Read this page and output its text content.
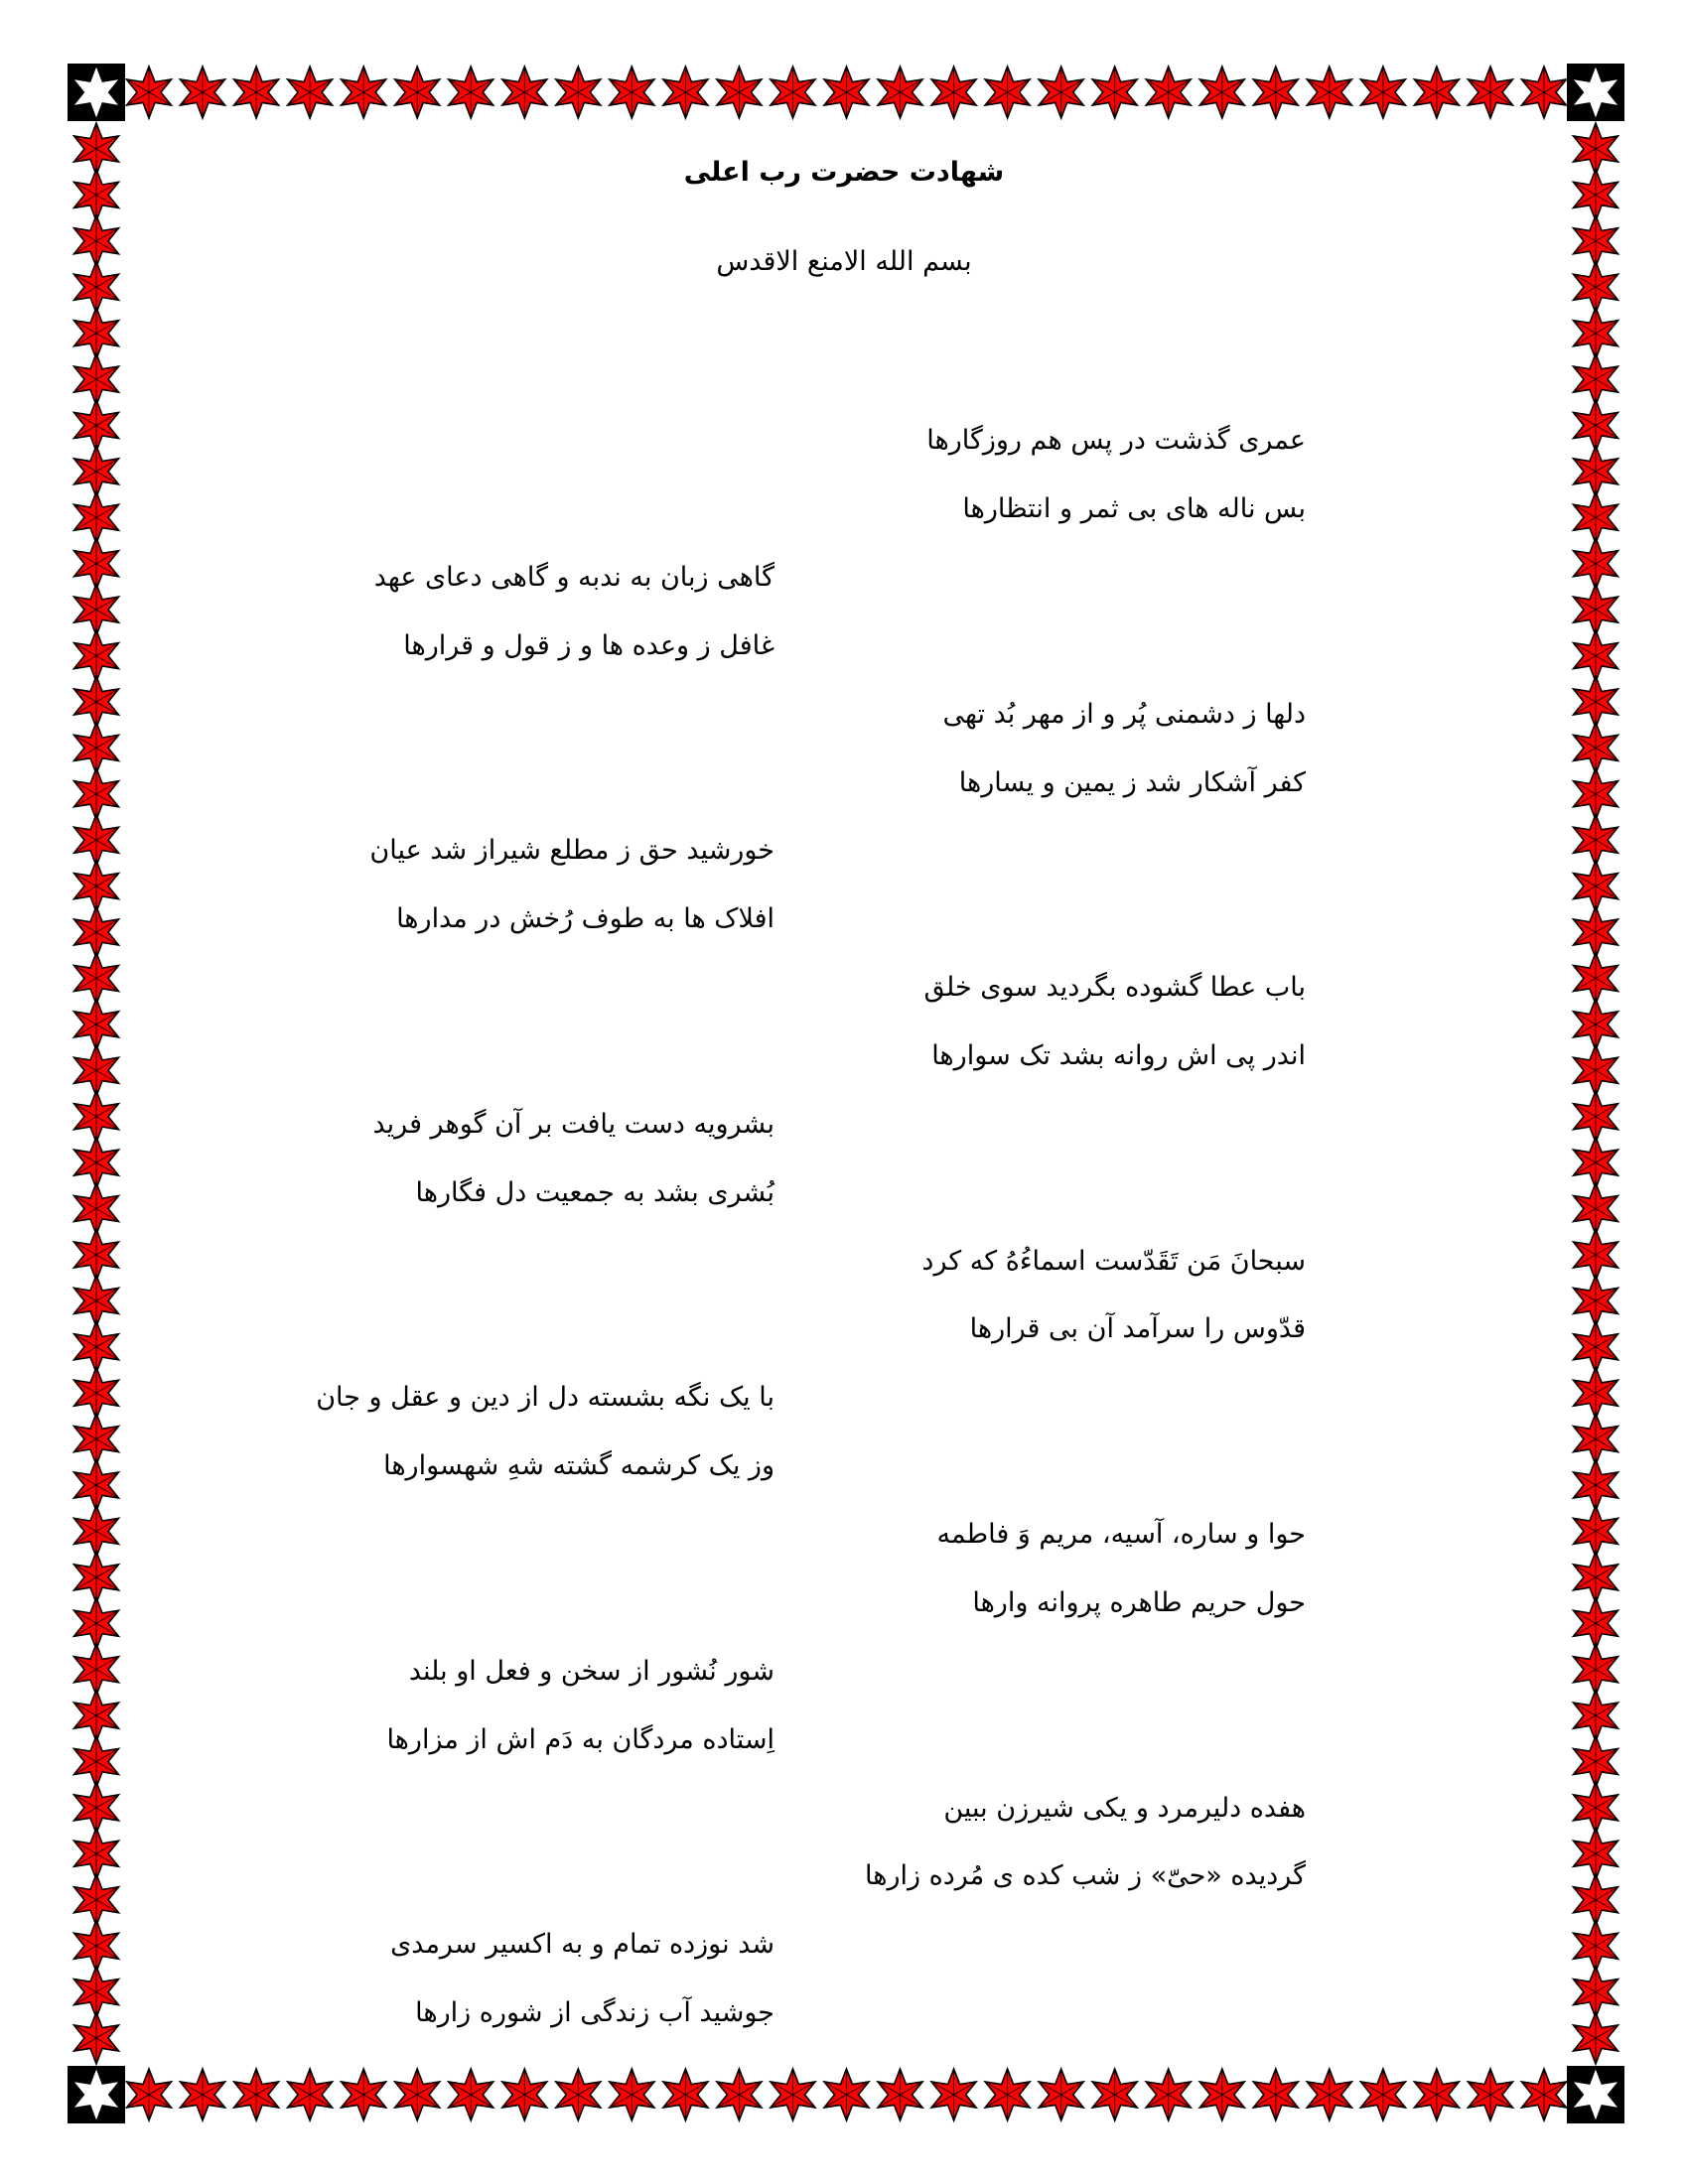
شهادت حضرت رب اعلی
بسم الله الامنع الاقدس
عمری گذشت در پس هم روزگارها
بس ناله های بی ثمر و انتظارها
گاهی زبان به ندبه و گاهی دعای عهد
غافل ز وعده ها و ز قول و قرارها
دلها ز دشمنی پُر و از مهر بُد تهی
کفر آشکار شد ز یمین و یسارها
خورشید حق ز مطلع شیراز شد عیان
افلاک ها به طوف رُخش در مدارها
باب عطا گشوده بگردید سوی خلق
اندر پی اش روانه بشد تک سوارها
بشرویه دست یافت بر آن گوهر فرید
بُشری بشد به جمعیت دل فگارها
سبحانَ مَن تَقَدّست اسماءُهُ که کرد
قدّوس را سرآمد آن بی قرارها
با یک نگه بشسته دل از دین و عقل و جان
وز یک کرشمه گشته شهِ شهسوارها
حوا و ساره، آسیه، مریم وَ فاطمه
حول حریم طاهره پروانه وارها
شور نُشور از سخن و فعل او بلند
اِستاده مردگان به دَم اش از مزارها
هفده دلیرمرد و یکی شیرزن ببین
گردیده «حیّ» ز شب کده ی مُرده زارها
شد نوزده تمام و به اکسیر سرمدی
جوشید آب زندگی از شوره زارها
